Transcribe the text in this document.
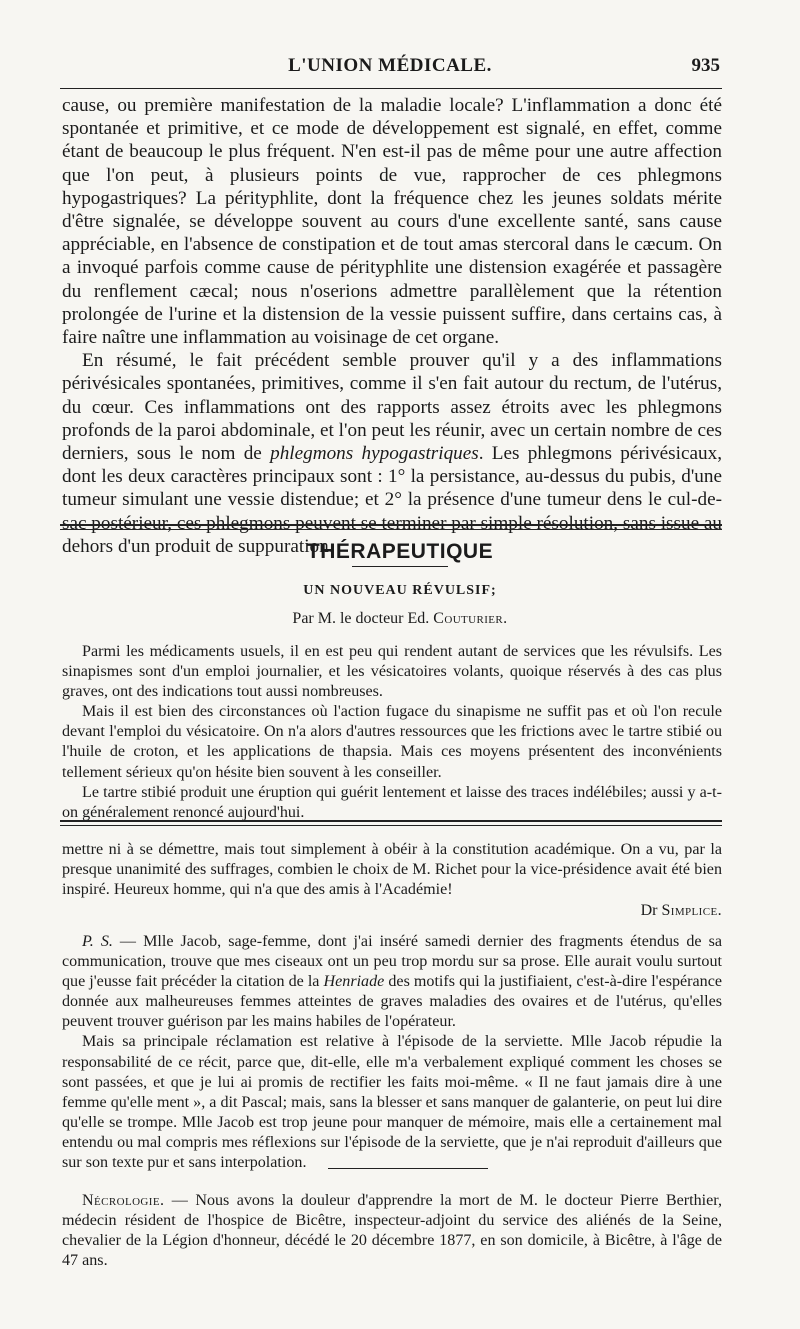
L'UNION MÉDICALE.	935

cause, ou première manifestation de la maladie locale? L'inflammation a donc été spontanée et primitive, et ce mode de développement est signalé, en effet, comme étant de beaucoup le plus fréquent. N'en est-il pas de même pour une autre affection que l'on peut, à plusieurs points de vue, rapprocher de ces phlegmons hypogastriques? La pérityphlite, dont la fréquence chez les jeunes soldats mérite d'être signalée, se développe souvent au cours d'une excellente santé, sans cause appréciable, en l'absence de constipation et de tout amas stercoral dans le cæcum. On a invoqué parfois comme cause de pérityphlite une distension exagérée et passagère du renflement cæcal; nous n'oserions admettre parallèlement que la rétention prolongée de l'urine et la distension de la vessie puissent suffire, dans certains cas, à faire naître une inflammation au voisinage de cet organe.

En résumé, le fait précédent semble prouver qu'il y a des inflammations périvésicales spontanées, primitives, comme il s'en fait autour du rectum, de l'utérus, du cœur. Ces inflammations ont des rapports assez étroits avec les phlegmons profonds de la paroi abdominale, et l'on peut les réunir, avec un certain nombre de ces derniers, sous le nom de phlegmons hypogastriques. Les phlegmons périvésicaux, dont les deux caractères principaux sont : 1° la persistance, au-dessus du pubis, d'une tumeur simulant une vessie distendue; et 2° la présence d'une tumeur dens le cul-de-sac postérieur, ces phlegmons peuvent se terminer par simple résolution, sans issue au dehors d'un produit de suppuration.

THÉRAPEUTIQUE
UN NOUVEAU RÉVULSIF;
Par M. le docteur Ed. Couturier.

Parmi les médicaments usuels, il en est peu qui rendent autant de services que les révulsifs. Les sinapismes sont d'un emploi journalier, et les vésicatoires volants, quoique réservés à des cas plus graves, ont des indications tout aussi nombreuses.

Mais il est bien des circonstances où l'action fugace du sinapisme ne suffit pas et où l'on recule devant l'emploi du vésicatoire. On n'a alors d'autres ressources que les frictions avec le tartre stibié ou l'huile de croton, et les applications de thapsia. Mais ces moyens présentent des inconvénients tellement sérieux qu'on hésite bien souvent à les conseiller.

Le tartre stibié produit une éruption qui guérit lentement et laisse des traces indélébiles; aussi y a-t-on généralement renoncé aujourd'hui.

mettre ni à se démettre, mais tout simplement à obéir à la constitution académique. On a vu, par la presque unanimité des suffrages, combien le choix de M. Richet pour la vice-présidence avait été bien inspiré. Heureux homme, qui n'a que des amis à l'Académie!

Dr Simplice.

P. S. — Mlle Jacob, sage-femme, dont j'ai inséré samedi dernier des fragments étendus de sa communication, trouve que mes ciseaux ont un peu trop mordu sur sa prose. Elle aurait voulu surtout que j'eusse fait précéder la citation de la Henriade des motifs qui la justifiaient, c'est-à-dire l'espérance donnée aux malheureuses femmes atteintes de graves maladies des ovaires et de l'utérus, qu'elles peuvent trouver guérison par les mains habiles de l'opérateur.

Mais sa principale réclamation est relative à l'épisode de la serviette. Mlle Jacob répudie la responsabilité de ce récit, parce que, dit-elle, elle m'a verbalement expliqué comment les choses se sont passées, et que je lui ai promis de rectifier les faits moi-même. « Il ne faut jamais dire à une femme qu'elle ment », a dit Pascal; mais, sans la blesser et sans manquer de galanterie, on peut lui dire qu'elle se trompe. Mlle Jacob est trop jeune pour manquer de mémoire, mais elle a certainement mal entendu ou mal compris mes réflexions sur l'épisode de la serviette, que je n'ai reproduit d'ailleurs que sur son texte pur et sans interpolation.

Nécrologie. — Nous avons la douleur d'apprendre la mort de M. le docteur Pierre Berthier, médecin résident de l'hospice de Bicêtre, inspecteur-adjoint du service des aliénés de la Seine, chevalier de la Légion d'honneur, décédé le 20 décembre 1877, en son domicile, à Bicêtre, à l'âge de 47 ans.
